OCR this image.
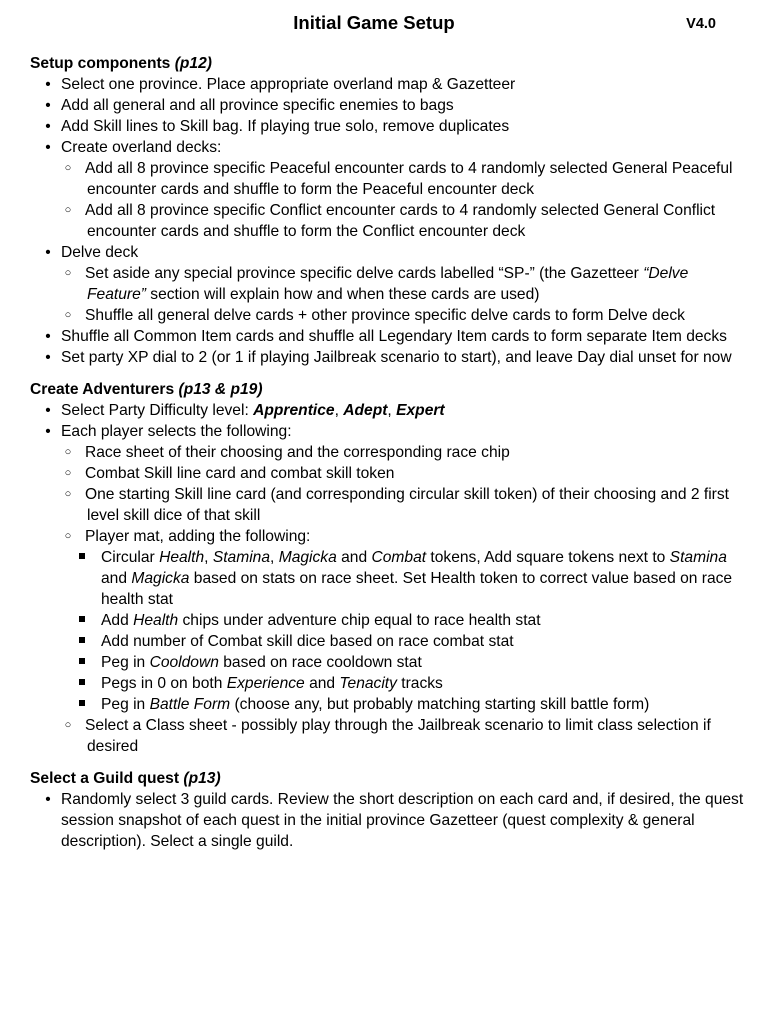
Initial Game Setup	V4.0

Setup components (p12)

• Select one province. Place appropriate overland map & Gazetteer
• Add all general and all province specific enemies to bags
• Add Skill lines to Skill bag. If playing true solo, remove duplicates
• Create overland decks:
○ Add all 8 province specific Peaceful encounter cards to 4 randomly selected General Peaceful encounter cards and shuffle to form the Peaceful encounter deck
○ Add all 8 province specific Conflict encounter cards to 4 randomly selected General Conflict encounter cards and shuffle to form the Conflict encounter deck
• Delve deck
○ Set aside any special province specific delve cards labelled “SP-” (the Gazetteer “Delve Feature” section will explain how and when these cards are used)
○ Shuffle all general delve cards + other province specific delve cards to form Delve deck
• Shuffle all Common Item cards and shuffle all Legendary Item cards to form separate Item decks
• Set party XP dial to 2 (or 1 if playing Jailbreak scenario to start), and leave Day dial unset for now

Create Adventurers (p13 & p19)

• Select Party Difficulty level: Apprentice, Adept, Expert
• Each player selects the following:
○ Race sheet of their choosing and the corresponding race chip
○ Combat Skill line card and combat skill token
○ One starting Skill line card (and corresponding circular skill token) of their choosing and 2 first level skill dice of that skill
○ Player mat, adding the following:
Circular Health, Stamina, Magicka and Combat tokens, Add square tokens next to Stamina and Magicka based on stats on race sheet. Set Health token to correct value based on race health stat
Add Health chips under adventure chip equal to race health stat
Add number of Combat skill dice based on race combat stat
Peg in Cooldown based on race cooldown stat
Pegs in 0 on both Experience and Tenacity tracks
Peg in Battle Form (choose any, but probably matching starting skill battle form)
○ Select a Class sheet - possibly play through the Jailbreak scenario to limit class selection if desired

Select a Guild quest (p13)

• Randomly select 3 guild cards. Review the short description on each card and, if desired, the quest session snapshot of each quest in the initial province Gazetteer (quest complexity & general description). Select a single guild.
